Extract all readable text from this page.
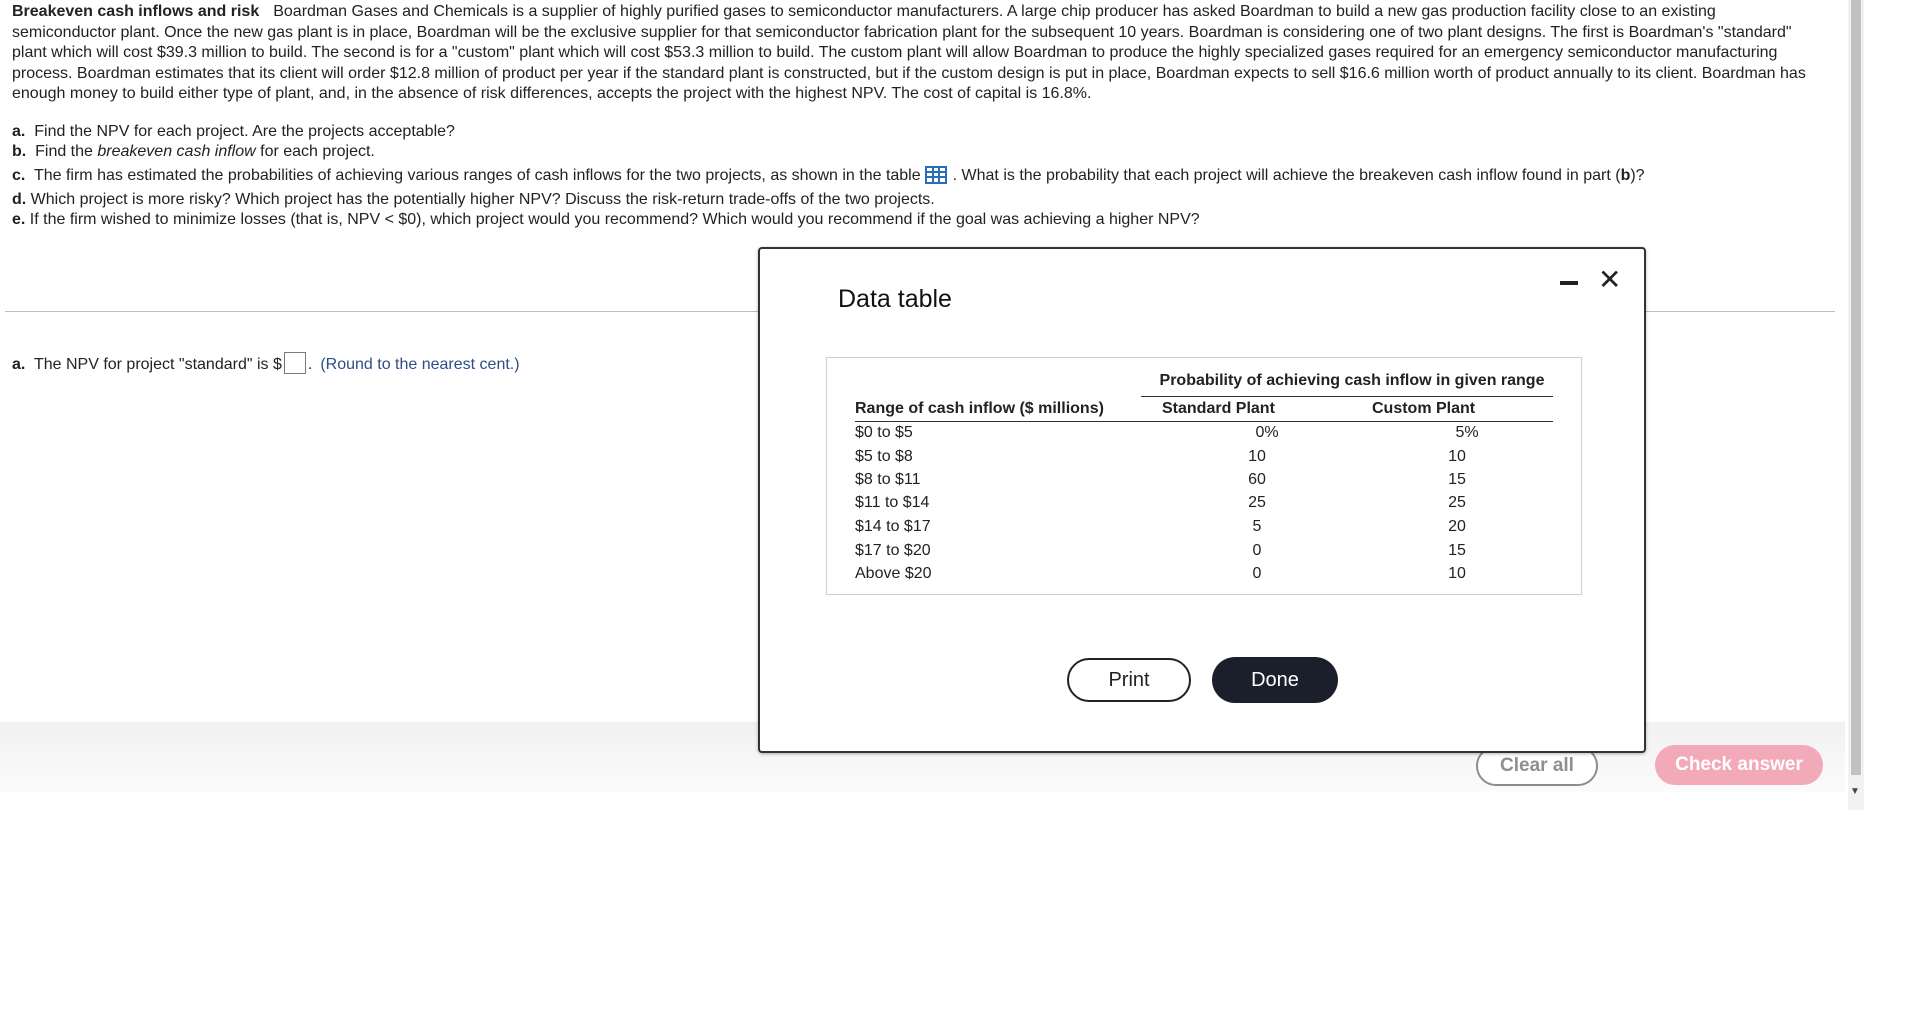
Breakeven cash inflows and risk Boardman Gases and Chemicals is a supplier of highly purified gases to semiconductor manufacturers. A large chip producer has asked Boardman to build a new gas production facility close to an existing semiconductor plant. Once the new gas plant is in place, Boardman will be the exclusive supplier for that semiconductor fabrication plant for the subsequent 10 years. Boardman is considering one of two plant designs. The first is Boardman's "standard" plant which will cost $39.3 million to build. The second is for a "custom" plant which will cost $53.3 million to build. The custom plant will allow Boardman to produce the highly specialized gases required for an emergency semiconductor manufacturing process. Boardman estimates that its client will order $12.8 million of product per year if the standard plant is constructed, but if the custom design is put in place, Boardman expects to sell $16.6 million worth of product annually to its client. Boardman has enough money to build either type of plant, and, in the absence of risk differences, accepts the project with the highest NPV. The cost of capital is 16.8%.
a. Find the NPV for each project. Are the projects acceptable?
b. Find the breakeven cash inflow for each project.
c. The firm has estimated the probabilities of achieving various ranges of cash inflows for the two projects, as shown in the table . What is the probability that each project will achieve the breakeven cash inflow found in part (b)?
d. Which project is more risky? Which project has the potentially higher NPV? Discuss the risk-return trade-offs of the two projects.
e. If the firm wished to minimize losses (that is, NPV < $0), which project would you recommend? Which would you recommend if the goal was achieving a higher NPV?
a. The NPV for project "standard" is $ . (Round to the nearest cent.)
Clear all	Check answer
▼
Data table
✕
Probability of achieving cash inflow in given range
Range of cash inflow ($ millions)	Standard Plant	Custom Plant
$0 to $5	0%	5%
$5 to $8	10	10
$8 to $11	60	15
$11 to $14	25	25
$14 to $17	5	20
$17 to $20	0	15
Above $20	0	10
Print	Done
